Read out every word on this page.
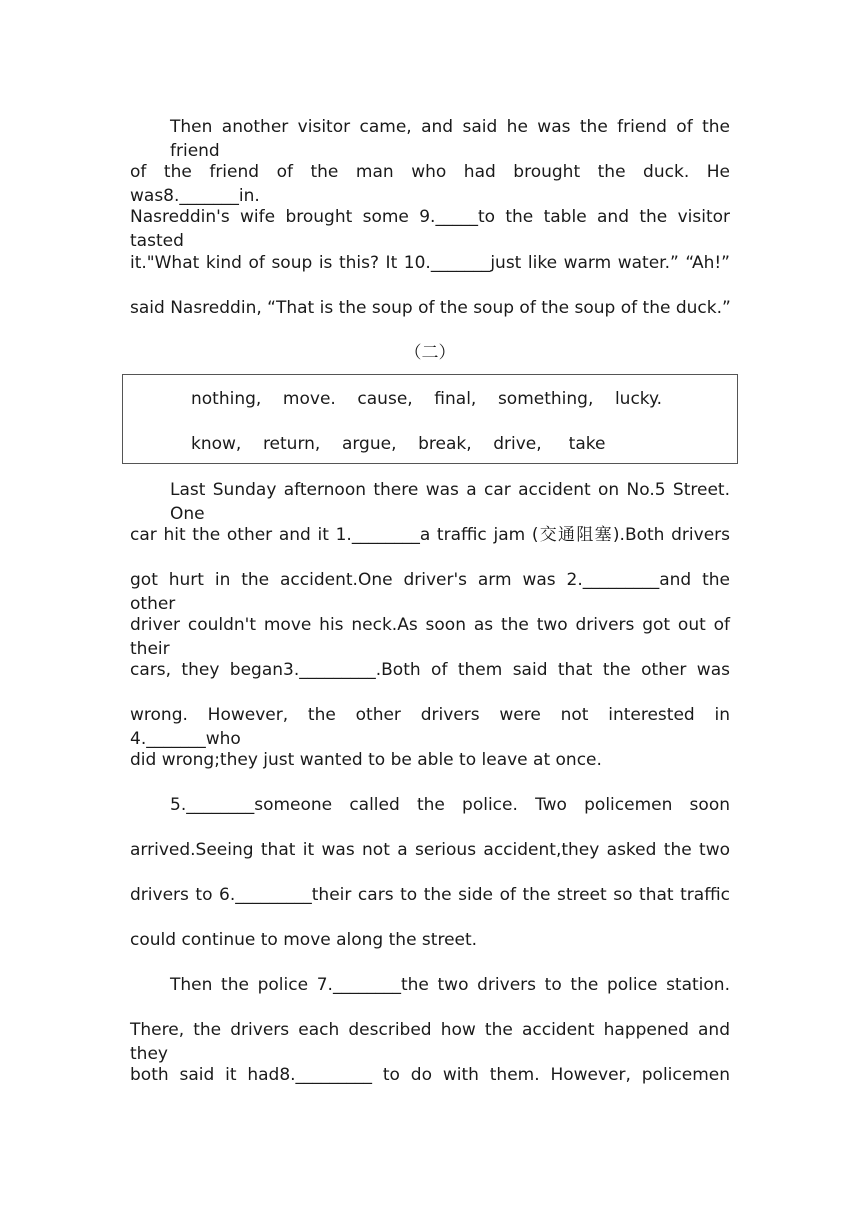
Then another visitor came, and said he was the friend of the friend
of the friend of the man who had brought the duck. He was8._______in.
Nasreddin's wife brought some 9._____to the table and the visitor tasted
it."What kind of soup is this? It 10._______just like warm water.” “Ah!”
said Nasreddin, “That is the soup of the soup of the soup of the duck.”
（二）
nothing,    move.    cause,    final,    something,    lucky.
know,    return,    argue,    break,    drive,     take
Last Sunday afternoon there was a car accident on No.5 Street. One
car hit the other and it 1.________a traffic jam (交通阻塞).Both drivers
got hurt in the accident.One driver's arm was 2._________and the other
driver couldn't move his neck.As soon as the two drivers got out of their
cars, they began3._________.Both of them said that the other was
wrong. However, the other drivers were not interested in 4._______who
did wrong;they just wanted to be able to leave at once.
5.________someone called the police. Two policemen soon
arrived.Seeing that it was not a serious accident,they asked the two
drivers to 6._________their cars to the side of the street so that traffic
could continue to move along the street.
Then the police 7.________the two drivers to the police station.
There, the drivers each described how the accident happened and they
both said it had8._________ to do with them. However, policemen
